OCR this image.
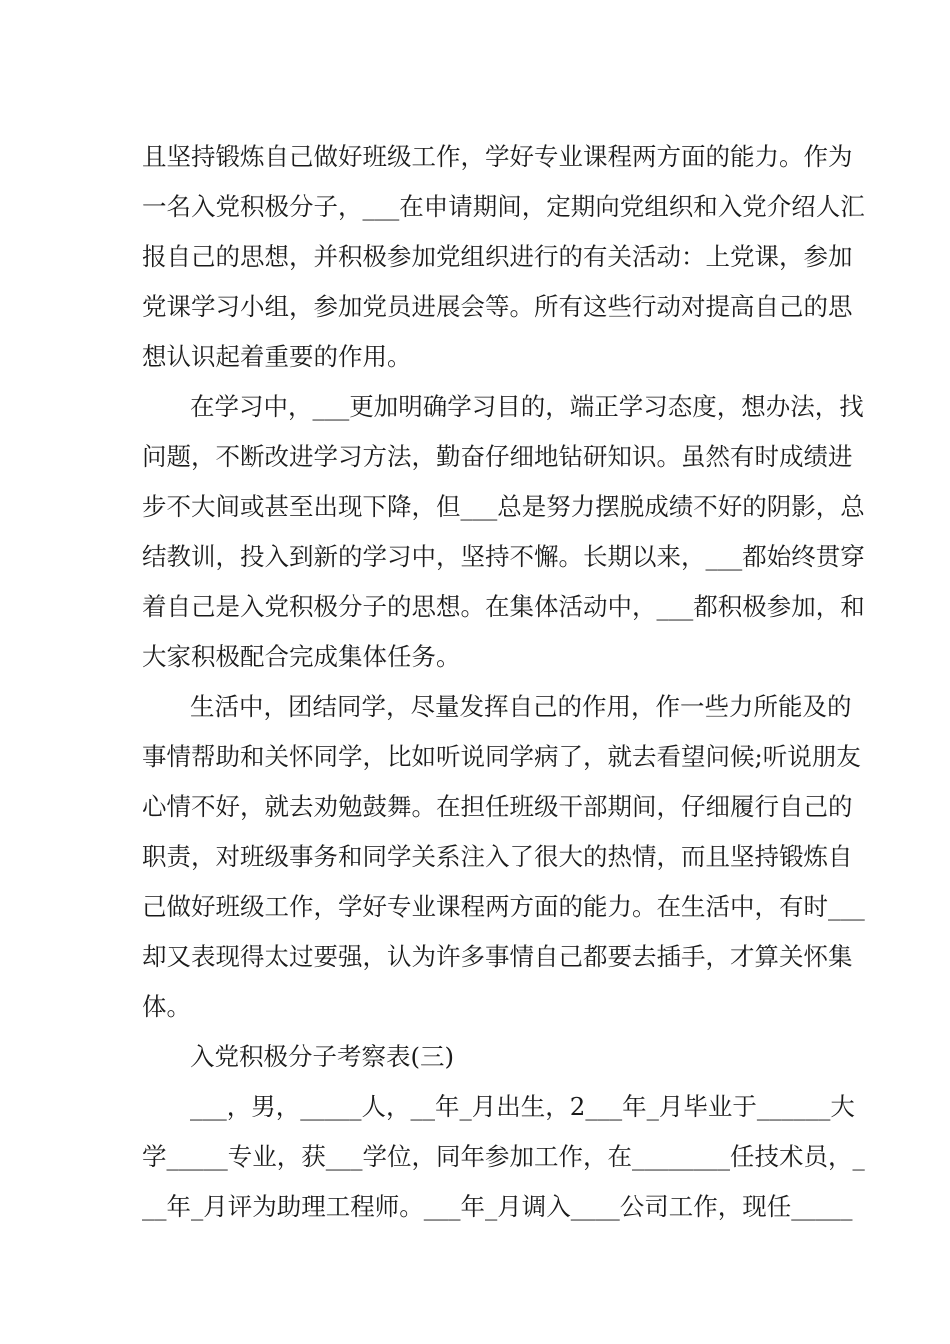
且坚持锻炼自己做好班级工作，学好专业课程两方面的能力。作为
一名入党积极分子，___在申请期间，定期向党组织和入党介绍人汇
报自己的思想，并积极参加党组织进行的有关活动：上党课，参加
党课学习小组，参加党员进展会等。所有这些行动对提高自己的思
想认识起着重要的作用。
在学习中，___更加明确学习目的，端正学习态度，想办法，找
问题，不断改进学习方法，勤奋仔细地钻研知识。虽然有时成绩进
步不大间或甚至出现下降，但___总是努力摆脱成绩不好的阴影，总
结教训，投入到新的学习中，坚持不懈。长期以来，___都始终贯穿
着自己是入党积极分子的思想。在集体活动中，___都积极参加，和
大家积极配合完成集体任务。
生活中，团结同学，尽量发挥自己的作用，作一些力所能及的
事情帮助和关怀同学，比如听说同学病了，就去看望问候;听说朋友
心情不好，就去劝勉鼓舞。在担任班级干部期间，仔细履行自己的
职责，对班级事务和同学关系注入了很大的热情，而且坚持锻炼自
己做好班级工作，学好专业课程两方面的能力。在生活中，有时___
却又表现得太过要强，认为许多事情自己都要去插手，才算关怀集
体。
入党积极分子考察表(三)
___，男，_____人，__年_月出生，2___年_月毕业于______大
学_____专业，获___学位，同年参加工作，在________任技术员，_
__年_月评为助理工程师。___年_月调入____公司工作，现任_____
